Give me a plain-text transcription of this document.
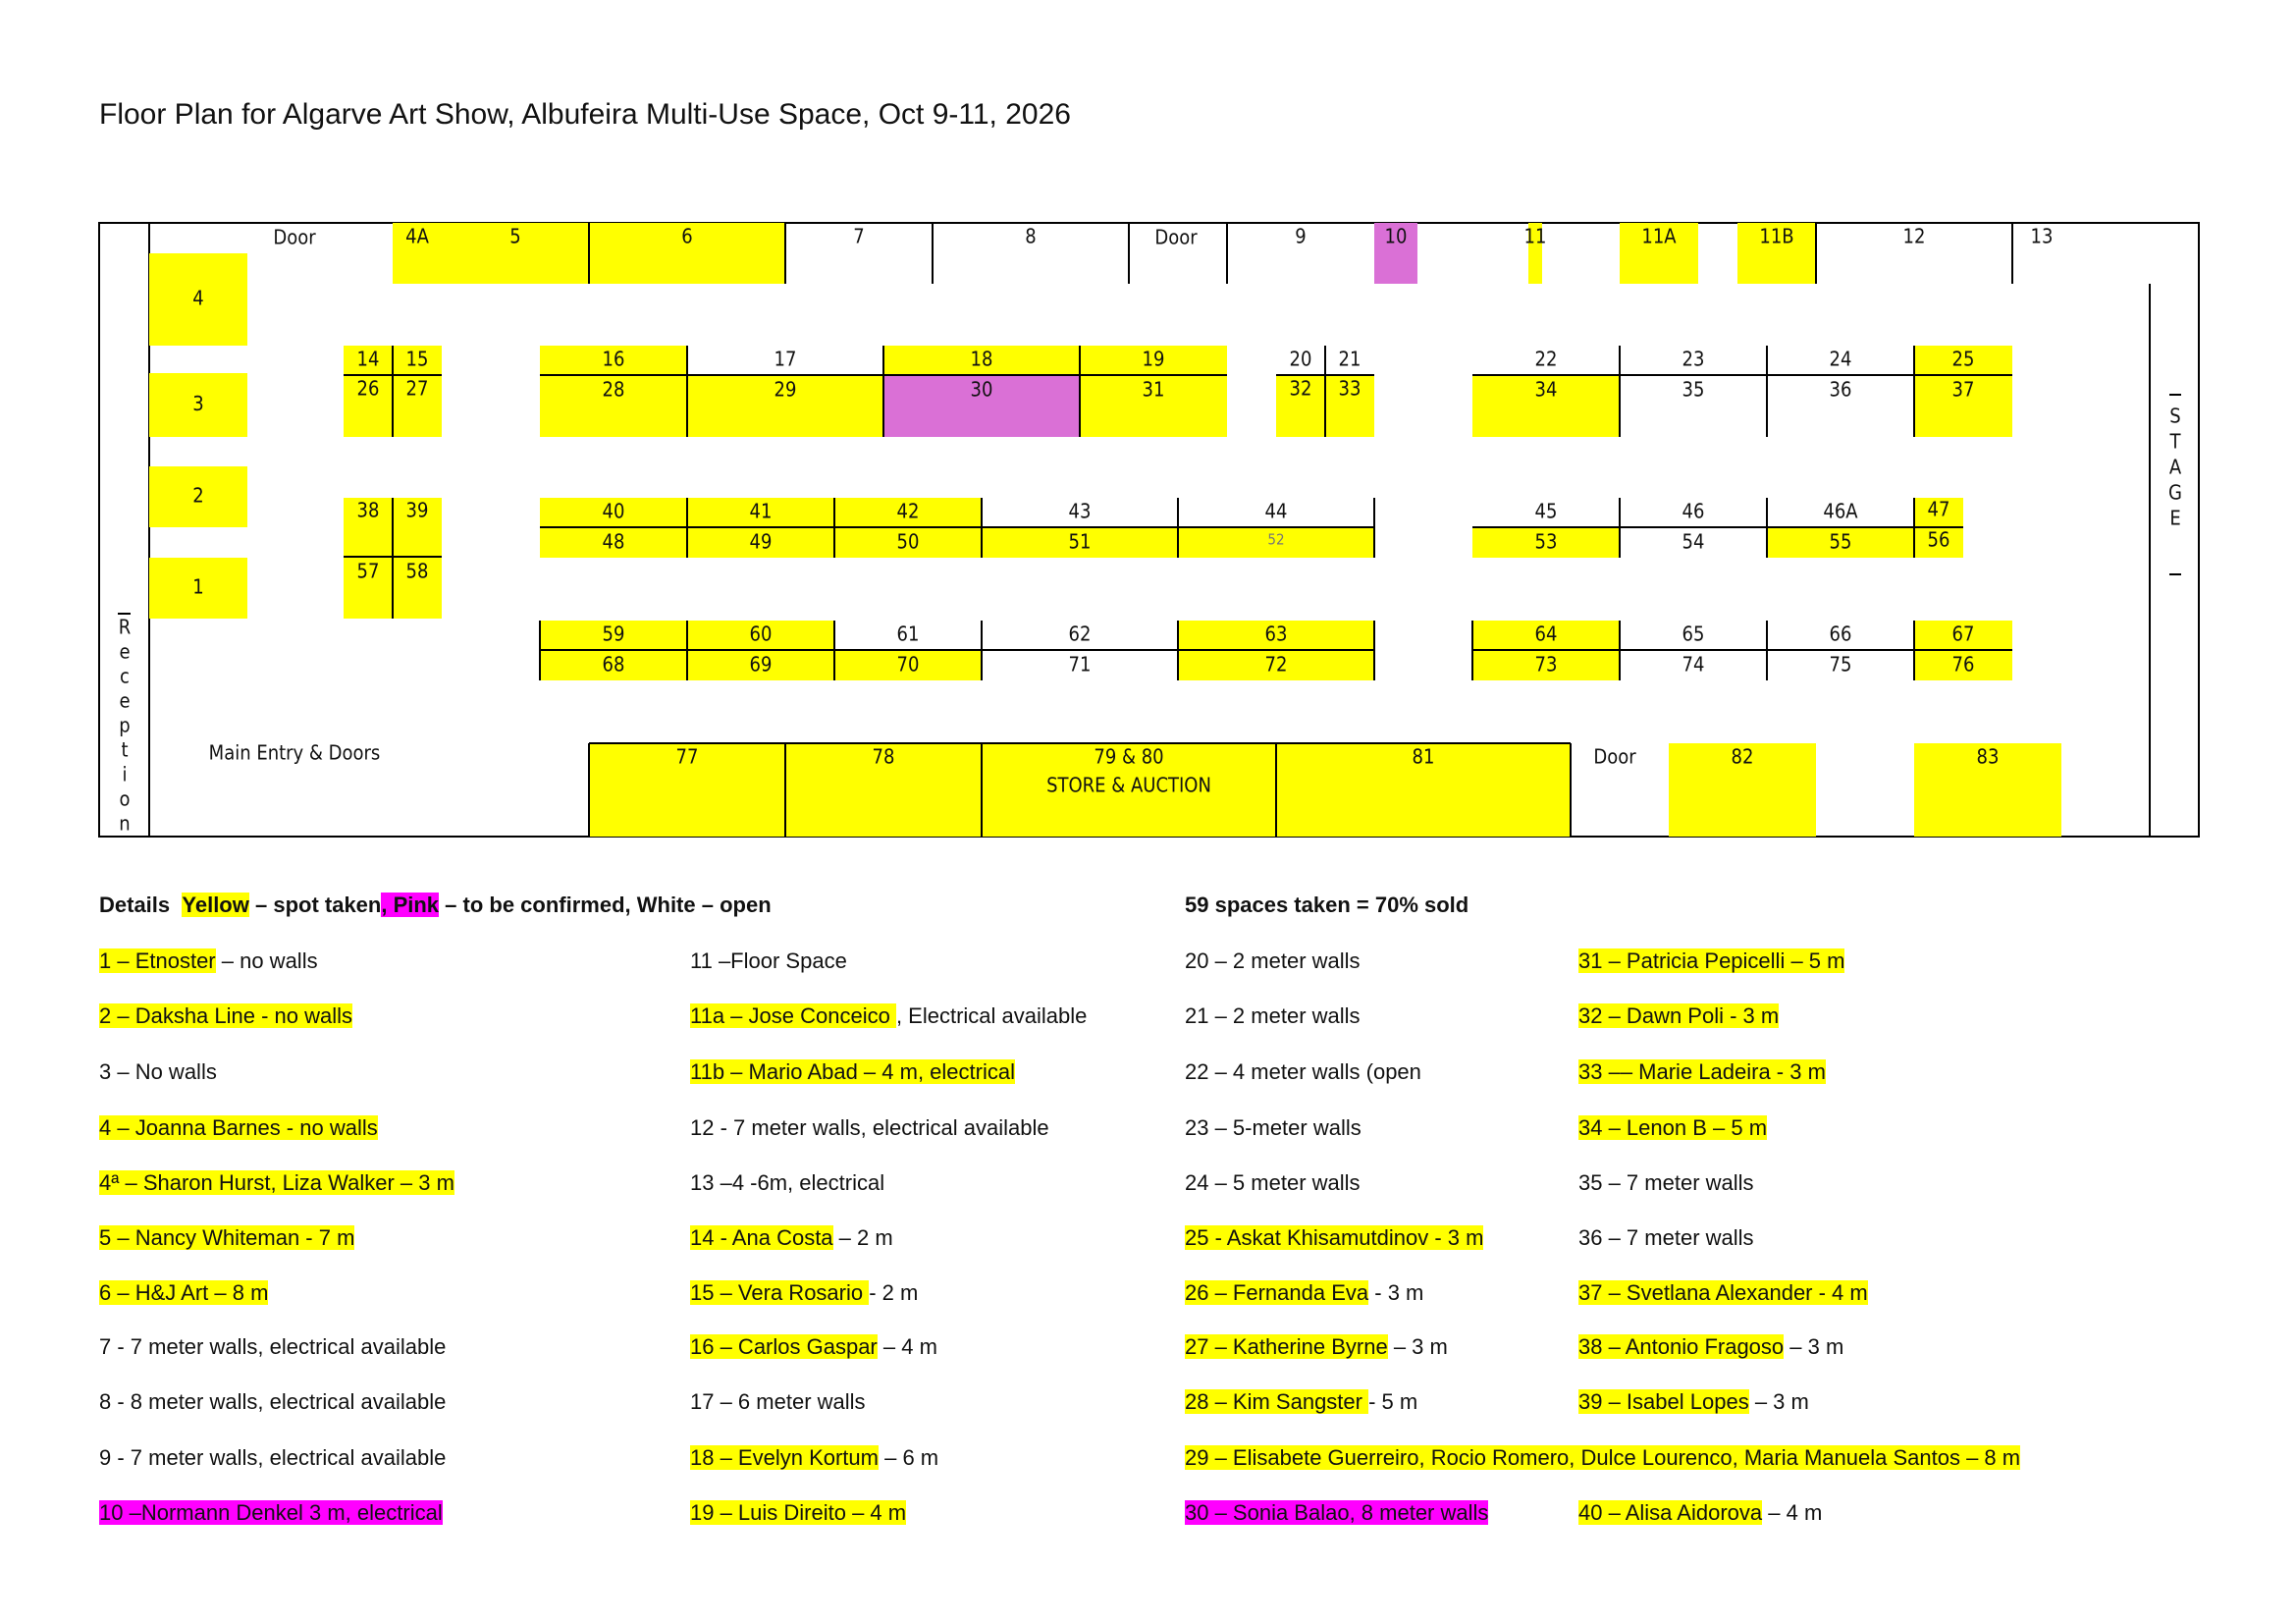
Floor Plan for Algarve Art Show, Albufeira Multi-Use Space, Oct 9-11, 2026
4A	5	6	7	8	9	10	11	11A	11B	12	13
Door	Door
4
3
2
1
14 15
26 27
16	17	18	19
28	29	30	31
20 21
32 33
22	23	24	25
34	35	36	37
38 39
57 58
40	41	42	43	44
48	49	50	51	52
45	46	46A	47
53	54	55	56
59	60	61	62	63
68	69	70	71	72
64	65	66	67
73	74	75	76
77	78	79 & 80	81	82	83
STORE & AUCTION
Door
Main Entry & Doors
R
e
c
e
p
t
i
o
n
S
T
A
G
E
Details Yellow – spot taken, Pink – to be confirmed, White – open	59 spaces taken = 70% sold
1 – Etnoster – no walls
2 – Daksha Line - no walls
3 – No walls
4 – Joanna Barnes - no walls
4ª – Sharon Hurst, Liza Walker – 3 m
5 – Nancy Whiteman - 7 m
6 – H&J Art – 8 m
7 - 7 meter walls, electrical available
8 - 8 meter walls, electrical available
9 - 7 meter walls, electrical available
10 –Normann Denkel 3 m, electrical
11 –Floor Space
11a – Jose Conceico , Electrical available
11b – Mario Abad – 4 m, electrical
12 - 7 meter walls, electrical available
13 –4 -6m, electrical
14 - Ana Costa – 2 m
15 – Vera Rosario - 2 m
16 – Carlos Gaspar – 4 m
17 – 6 meter walls
18 – Evelyn Kortum – 6 m
19 – Luis Direito – 4 m
20 – 2 meter walls
21 – 2 meter walls
22 – 4 meter walls (open
23 – 5-meter walls
24 – 5 meter walls
25 - Askat Khisamutdinov - 3 m
26 – Fernanda Eva - 3 m
27 – Katherine Byrne – 3 m
28 – Kim Sangster - 5 m
29 – Elisabete Guerreiro, Rocio Romero, Dulce Lourenco, Maria Manuela Santos – 8 m
30 – Sonia Balao, 8 meter walls
31 – Patricia Pepicelli – 5 m
32 – Dawn Poli - 3 m
33 –– Marie Ladeira - 3 m
34 – Lenon B – 5 m
35 – 7 meter walls
36 – 7 meter walls
37 – Svetlana Alexander - 4 m
38 – Antonio Fragoso – 3 m
39 – Isabel Lopes – 3 m
40 – Alisa Aidorova – 4 m
